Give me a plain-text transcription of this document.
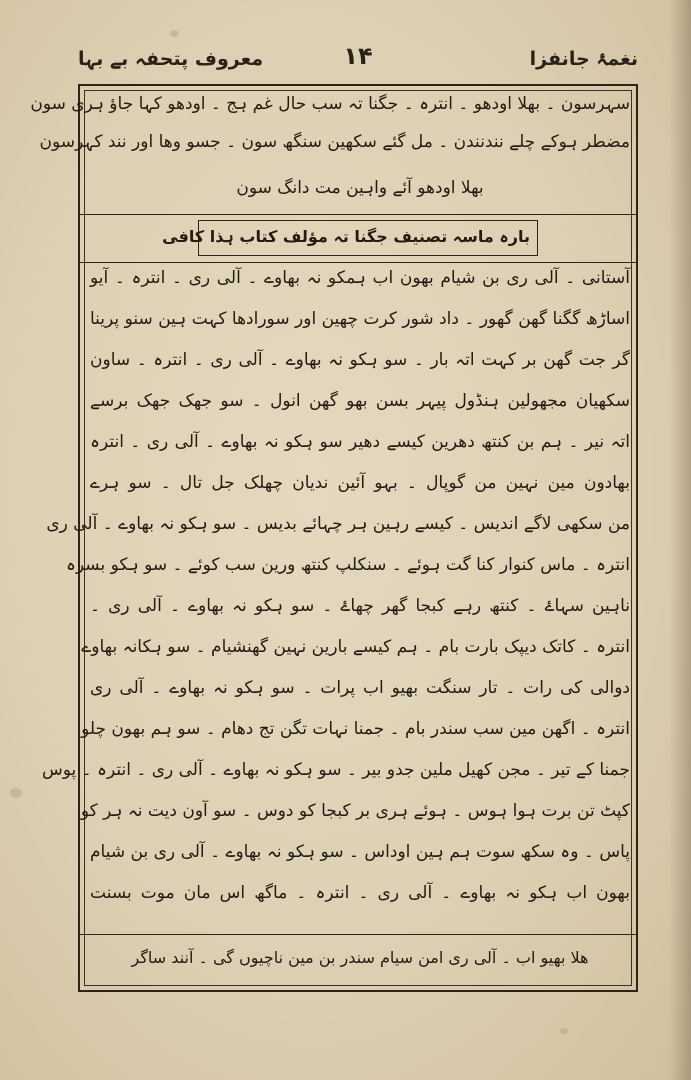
نغمۂ جانفزا
۱۴
معروف پتحفہ بے بہا
سہرسون ۔ بھلا اودھو ۔ انترہ ۔ جگنا تہ سب حال غم ہج ۔ اودھو کہا جاؤ ہری سون
مضطر ہوکے چلے نندنندن ۔ مل گئے سکھین سنگھ سون ۔ جسو وھا اور نند کہرسون
بھلا اودھو آئے واہین مت دانگ سون
بارہ ماسہ تصنیف جگنا تہ مؤلف کتاب ہذا کافی
آستانی ۔ آلی ری بن شیام بھون اب ہمکو نہ بھاوے ۔ آلی ری ۔ انترہ ۔ آیو
اساڑھ گگنا گھن گھور ۔ داد شور کرت چھین اور سورادھا کہت ہین سنو پرینا
گر جت گھن بر کہت اتہ بار ۔ سو ہکو نہ بھاوے ۔ آلی ری ۔ انترہ ۔ ساون
سکھیان مجھولین ہنڈول پیہر بسن بھو گھن انول ۔ سو جھک جھک برسے
اتہ نیر ۔ ہم بن کنتھ دھرین کیسے دھیر سو ہکو نہ بھاوے ۔ آلی ری ۔ انترہ
بھادون مین نہین من گوپال ۔ بہو آئین ندیان چھلک جل تال ۔ سو ہرے
من سکھی لاگے اندیس ۔ کیسے رہین ہر چہائے بدیس ۔ سو ہکو نہ بھاوے ۔ آلی ری
انترہ ۔ ماس کنوار کنا گت ہوئے ۔ سنکلپ کنتھ ورین سب کوئے ۔ سو ہکو بسرہ
ناہین سہاۓ ۔ کنتھ رہے کبجا گھر چھاۓ ۔ سو ہکو نہ بھاوے ۔ آلی ری ۔
انترہ ۔ کاتک دیپک بارت بام ۔ ہم کیسے بارین نہین گھنشیام ۔ سو ہکانہ بھاوے
دوالی کی رات ۔ تار سنگت بھیو اب پرات ۔ سو ہکو نہ بھاوے ۔ آلی ری
انترہ ۔ اگھن مین سب سندر بام ۔ جمنا نہات تگن تج دھام ۔ سو ہم بھون چلو
جمنا کے تیر ۔ مجن کھیل ملین جدو بیر ۔ سو ہکو نہ بھاوے ۔ آلی ری ۔ انترہ ۔ پوس
کپٹ تن برت ہوا ہوس ۔ ہوئے ہری بر کبجا کو دوس ۔ سو آون دیت نہ ہر کو
پاس ۔ وہ سکھ سوت ہم ہین اوداس ۔ سو ہکو نہ بھاوے ۔ آلی ری بن شیام
بھون اب ہکو نہ بھاوے ۔ آلی ری ۔ انترہ ۔ ماگھ اس مان موت بسنت
ھلا بھیو اب ۔ آلی ری امن سیام سندر بن مین ناچیوں گی ۔ آنند ساگر
